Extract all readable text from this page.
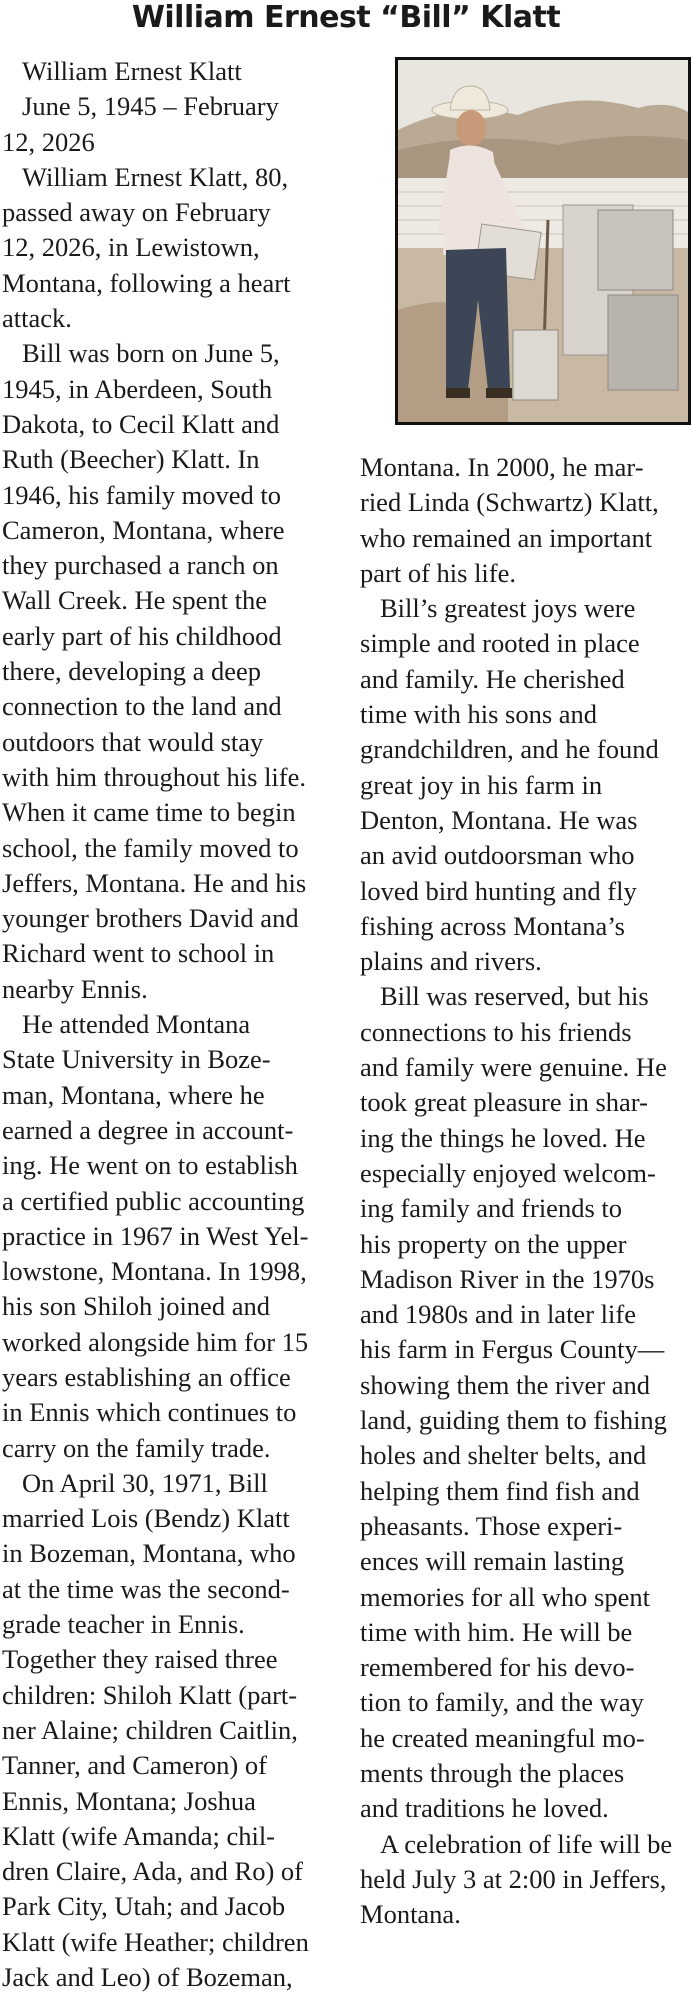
William Ernest “Bill” Klatt
William Ernest Klatt
June 5, 1945 – February
12, 2026
William Ernest Klatt, 80,
passed away on February
12, 2026, in Lewistown,
Montana, following a heart
attack.
Bill was born on June 5,
1945, in Aberdeen, South
Dakota, to Cecil Klatt and
Ruth (Beecher) Klatt. In
1946, his family moved to
Cameron, Montana, where
they purchased a ranch on
Wall Creek. He spent the
early part of his childhood
there, developing a deep
connection to the land and
outdoors that would stay
with him throughout his life.
When it came time to begin
school, the family moved to
Jeffers, Montana. He and his
younger brothers David and
Richard went to school in
nearby Ennis.
He attended Montana
State University in Boze-
man, Montana, where he
earned a degree in account-
ing. He went on to establish
a certified public accounting
practice in 1967 in West Yel-
lowstone, Montana. In 1998,
his son Shiloh joined and
worked alongside him for 15
years establishing an office
in Ennis which continues to
carry on the family trade.
On April 30, 1971, Bill
married Lois (Bendz) Klatt
in Bozeman, Montana, who
at the time was the second-
grade teacher in Ennis.
Together they raised three
children: Shiloh Klatt (part-
ner Alaine; children Caitlin,
Tanner, and Cameron) of
Ennis, Montana; Joshua
Klatt (wife Amanda; chil-
dren Claire, Ada, and Ro) of
Park City, Utah; and Jacob
Klatt (wife Heather; children
Jack and Leo) of Bozeman,
Montana. In 2000, he mar-
ried Linda (Schwartz) Klatt,
who remained an important
part of his life.
Bill’s greatest joys were
simple and rooted in place
and family. He cherished
time with his sons and
grandchildren, and he found
great joy in his farm in
Denton, Montana. He was
an avid outdoorsman who
loved bird hunting and fly
fishing across Montana’s
plains and rivers.
Bill was reserved, but his
connections to his friends
and family were genuine. He
took great pleasure in shar-
ing the things he loved. He
especially enjoyed welcom-
ing family and friends to
his property on the upper
Madison River in the 1970s
and 1980s and in later life
his farm in Fergus County—
showing them the river and
land, guiding them to fishing
holes and shelter belts, and
helping them find fish and
pheasants. Those experi-
ences will remain lasting
memories for all who spent
time with him. He will be
remembered for his devo-
tion to family, and the way
he created meaningful mo-
ments through the places
and traditions he loved.
A celebration of life will be
held July 3 at 2:00 in Jeffers,
Montana.
